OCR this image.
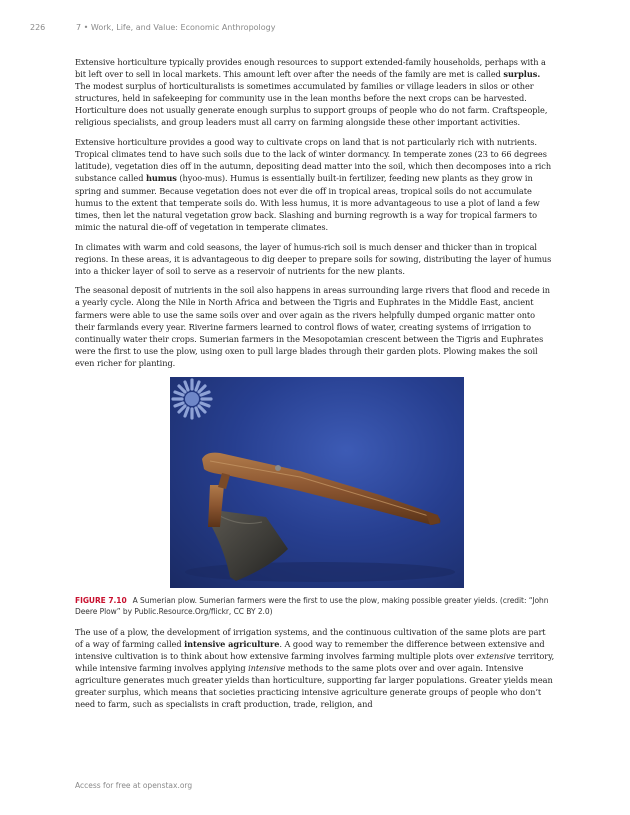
226	7 • Work, Life, and Value: Economic Anthropology

Extensive horticulture typically provides enough resources to support extended-family households, perhaps with a bit left over to sell in local markets. This amount left over after the needs of the family are met is called surplus. The modest surplus of horticulturalists is sometimes accumulated by families or village leaders in silos or other structures, held in safekeeping for community use in the lean months before the next crops can be harvested. Horticulture does not usually generate enough surplus to support groups of people who do not farm. Craftspeople, religious specialists, and group leaders must all carry on farming alongside these other important activities.

Extensive horticulture provides a good way to cultivate crops on land that is not particularly rich with nutrients. Tropical climates tend to have such soils due to the lack of winter dormancy. In temperate zones (23 to 66 degrees latitude), vegetation dies off in the autumn, depositing dead matter into the soil, which then decomposes into a rich substance called humus (hyoo-mus). Humus is essentially built-in fertilizer, feeding new plants as they grow in spring and summer. Because vegetation does not ever die off in tropical areas, tropical soils do not accumulate humus to the extent that temperate soils do. With less humus, it is more advantageous to use a plot of land a few times, then let the natural vegetation grow back. Slashing and burning regrowth is a way for tropical farmers to mimic the natural die-off of vegetation in temperate climates.

In climates with warm and cold seasons, the layer of humus-rich soil is much denser and thicker than in tropical regions. In these areas, it is advantageous to dig deeper to prepare soils for sowing, distributing the layer of humus into a thicker layer of soil to serve as a reservoir of nutrients for the new plants.

The seasonal deposit of nutrients in the soil also happens in areas surrounding large rivers that flood and recede in a yearly cycle. Along the Nile in North Africa and between the Tigris and Euphrates in the Middle East, ancient farmers were able to use the same soils over and over again as the rivers helpfully dumped organic matter onto their farmlands every year. Riverine farmers learned to control flows of water, creating systems of irrigation to continually water their crops. Sumerian farmers in the Mesopotamian crescent between the Tigris and Euphrates were the first to use the plow, using oxen to pull large blades through their garden plots. Plowing makes the soil even richer for planting.

FIGURE 7.10 A Sumerian plow. Sumerian farmers were the first to use the plow, making possible greater yields. (credit: “John Deere Plow” by Public.Resource.Org/flickr, CC BY 2.0)

The use of a plow, the development of irrigation systems, and the continuous cultivation of the same plots are part of a way of farming called intensive agriculture. A good way to remember the difference between extensive and intensive cultivation is to think about how extensive farming involves farming multiple plots over extensive territory, while intensive farming involves applying intensive methods to the same plots over and over again. Intensive agriculture generates much greater yields than horticulture, supporting far larger populations. Greater yields mean greater surplus, which means that societies practicing intensive agriculture generate groups of people who don’t need to farm, such as specialists in craft production, trade, religion, and

Access for free at openstax.org
